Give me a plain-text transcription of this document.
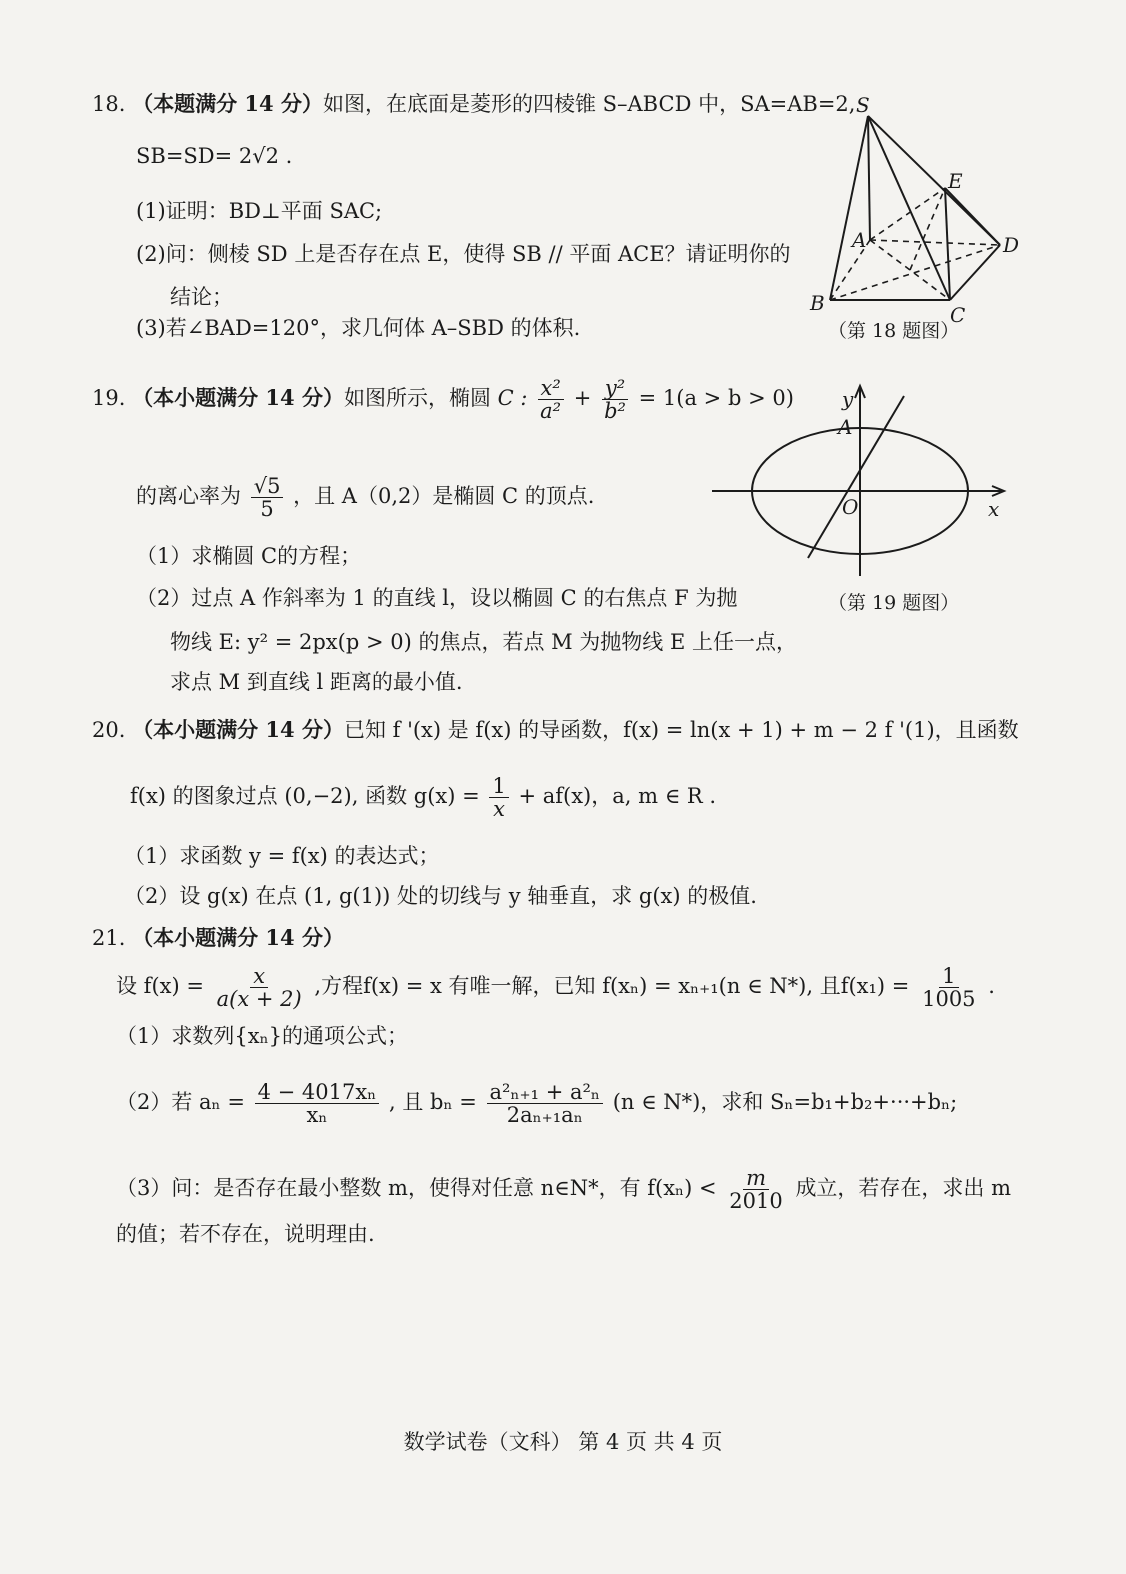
18. （本题满分 14 分）如图，在底面是菱形的四棱锥 S–ABCD 中，SA=AB=2,
SB=SD= 2√2 .
(1)证明：BD⊥平面 SAC;
(2)问：侧棱 SD 上是否存在点 E，使得 SB // 平面 ACE？请证明你的
结论；
(3)若∠BAD=120°，求几何体 A–SBD 的体积.
S
E
A	D
B	C
（第 18 题图）
19. （本小题满分 14 分）如图所示，椭圆 C : $\frac{\text{x²}}{\text{a²}} + \frac{\text{y²}}{\text{b²}} = 1(a > b > 0)$
的离心率为 $\frac{√5}{5}$ ，且 A（0,2）是椭圆 C 的顶点.
（1）求椭圆 C的方程；
（2）过点 A 作斜率为 1 的直线 l，设以椭圆 C 的右焦点 F 为抛
物线 E: y² = 2px(p > 0) 的焦点，若点 M 为抛物线 E 上任一点，
求点 M 到直线 l 距离的最小值.
y
A
O	x
（第 19 题图）
20. （本小题满分 14 分）已知 f '(x) 是 f(x) 的导函数，f(x) = ln(x + 1) + m − 2 f '(1)，且函数
f(x) 的图象过点 (0,−2), 函数 $g(x) = \frac{1}{x} + af(x)$，a, m ∈ R .
（1）求函数 y = f(x) 的表达式；
（2）设 g(x) 在点 (1, g(1)) 处的切线与 y 轴垂直，求 g(x) 的极值.
21. （本小题满分 14 分）
设 $f(x) = \frac{x}{a(x + 2)}$ ,方程f(x) = x 有唯一解，已知 f(xₙ) = xₙ₊₁(n ∈ N*), 且$f(x_1) = \frac{1}{1005}$ .
（1）求数列{xₙ}的通项公式；
（2）若 $a_n = \frac{\text{4 − 4017xₙ}}{\text{xₙ}}$ , 且 $b_n = \frac{\text{a²ₙ₊₁ + a²ₙ}}{\text{2aₙ₊₁aₙ}} (n$ ∈ N*)，求和 Sₙ=b₁+b₂+···+bₙ;
（3）问：是否存在最小整数 m，使得对任意 n∈N*，有 $f(x_n) < \frac{m}{2010}$ 成立，若存在，求出 m
的值；若不存在，说明理由.
数学试卷（文科） 第 4 页 共 4 页
